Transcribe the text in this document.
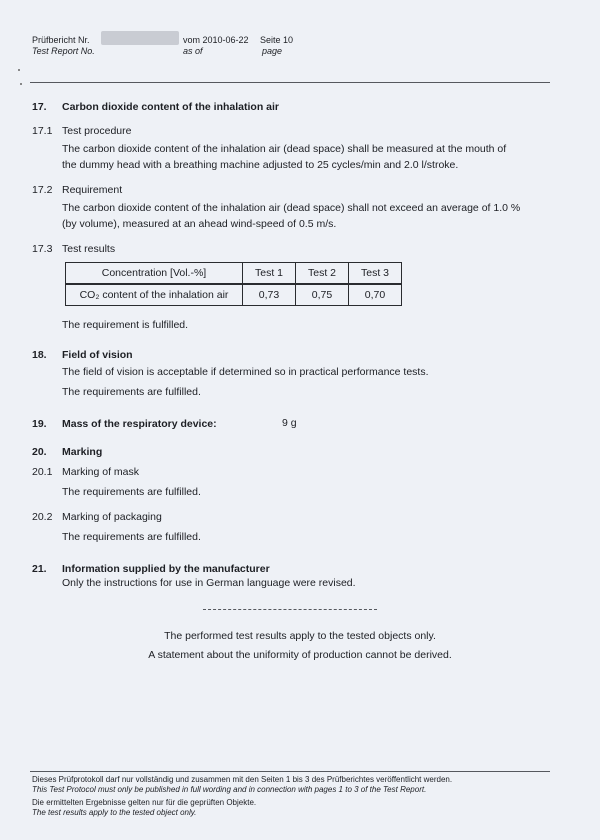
Prüfbericht Nr.
Test Report No.
vom 2010-06-22
as of
Seite 10
page
17. Carbon dioxide content of the inhalation air
17.1 Test procedure
The carbon dioxide content of the inhalation air (dead space) shall be measured at the mouth of
the dummy head with a breathing machine adjusted to 25 cycles/min and 2.0 l/stroke.
17.2 Requirement
The carbon dioxide content of the inhalation air (dead space) shall not exceed an average of 1.0 %
(by volume), measured at an ahead wind-speed of 0.5 m/s.
17.3 Test results
Concentration [Vol.-%]	Test 1	Test 2	Test 3
CO₂ content of the inhalation air	0,73	0,75	0,70
The requirement is fulfilled.
18. Field of vision
The field of vision is acceptable if determined so in practical performance tests.
The requirements are fulfilled.
19. Mass of the respiratory device:	9 g
20. Marking
20.1 Marking of mask
The requirements are fulfilled.
20.2 Marking of packaging
The requirements are fulfilled.
21. Information supplied by the manufacturer
Only the instructions for use in German language were revised.
The performed test results apply to the tested objects only.
A statement about the uniformity of production cannot be derived.
Dieses Prüfprotokoll darf nur vollständig und zusammen mit den Seiten 1 bis 3 des Prüfberichtes veröffentlicht werden.
This Test Protocol must only be published in full wording and in connection with pages 1 to 3 of the Test Report.
Die ermittelten Ergebnisse gelten nur für die geprüften Objekte.
The test results apply to the tested object only.
